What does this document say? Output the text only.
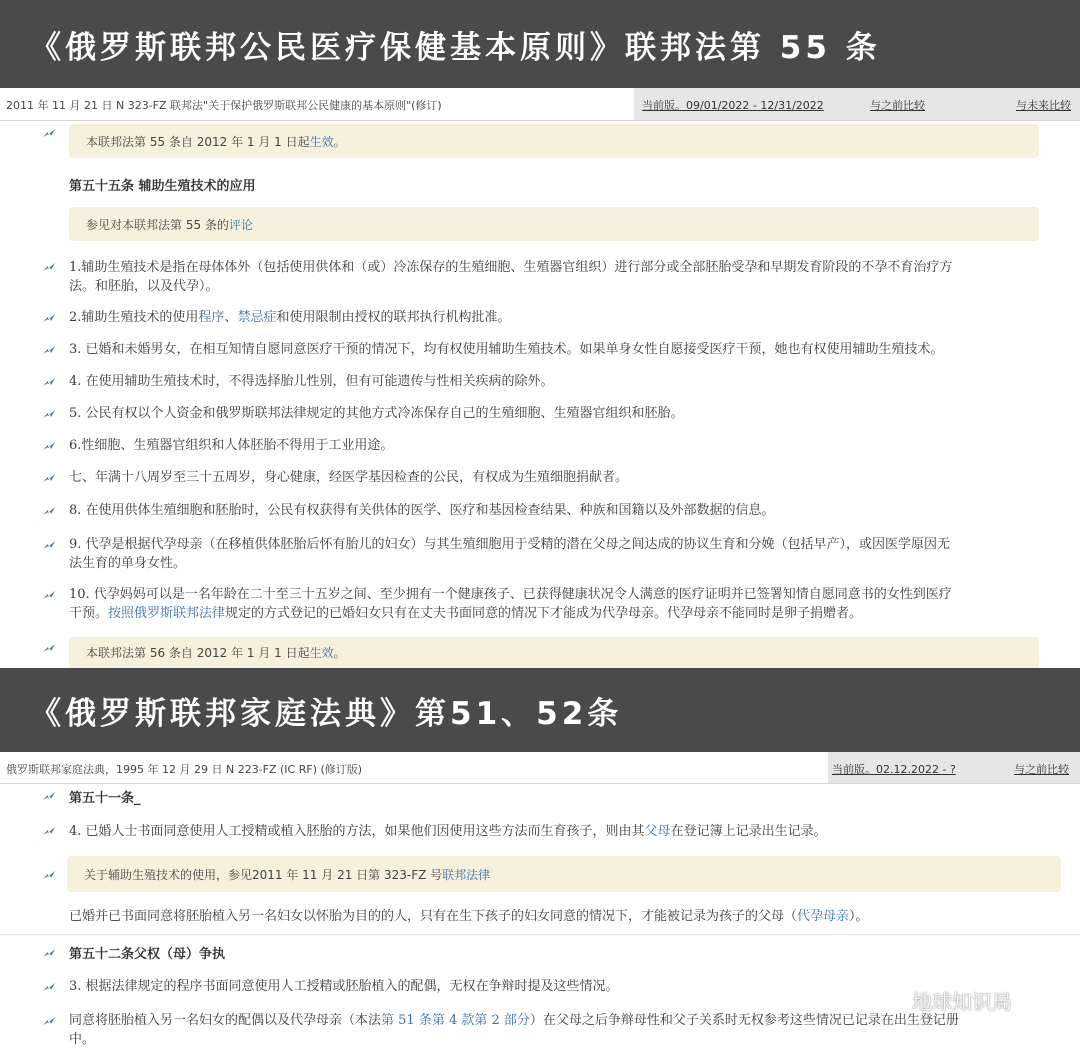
《俄罗斯联邦公民医疗保健基本原则》联邦法第 55 条
2011 年 11 月 21 日 N 323-FZ 联邦法"关于保护俄罗斯联邦公民健康的基本原则"(修订)	当前版。09/01/2022 - 12/31/2022	与之前比较	与未来比较
本联邦法第 55 条自 2012 年 1 月 1 日起 生效 。
第五十五条 辅助生殖技术的应用
参见对本联邦法第 55 条的 评论
1.辅助生殖技术是指在母体体外（包括使用供体和（或）冷冻保存的生殖细胞、生殖器官组织）进行部分或全部胚胎受孕和早期发育阶段的不孕不育治疗方
法。和胚胎，以及代孕）。
2.辅助生殖技术的使用程序、禁忌症和使用限制由授权的联邦执行机构批准。
3. 已婚和未婚男女，在相互知情自愿同意医疗干预的情况下，均有权使用辅助生殖技术。如果单身女性自愿接受医疗干预，她也有权使用辅助生殖技术。
4. 在使用辅助生殖技术时，不得选择胎儿性别，但有可能遗传与性相关疾病的除外。
5. 公民有权以个人资金和俄罗斯联邦法律规定的其他方式冷冻保存自己的生殖细胞、生殖器官组织和胚胎。
6.性细胞、生殖器官组织和人体胚胎不得用于工业用途。
七、年满十八周岁至三十五周岁，身心健康，经医学基因检查的公民，有权成为生殖细胞捐献者。
8. 在使用供体生殖细胞和胚胎时，公民有权获得有关供体的医学、医疗和基因检查结果、种族和国籍以及外部数据的信息。
9. 代孕是根据代孕母亲（在移植供体胚胎后怀有胎儿的妇女）与其生殖细胞用于受精的潜在父母之间达成的协议生育和分娩（包括早产），或因医学原因无
法生育的单身女性。
10. 代孕妈妈可以是一名年龄在二十至三十五岁之间、至少拥有一个健康孩子、已获得健康状况令人满意的医疗证明并已签署知情自愿同意书的女性到医疗
干预。按照俄罗斯联邦法律规定的方式登记的已婚妇女只有在丈夫书面同意的情况下才能成为代孕母亲。代孕母亲不能同时是卵子捐赠者。
本联邦法第 56 条自 2012 年 1 月 1 日起 生效 。
《俄罗斯联邦家庭法典》第51、52条
俄罗斯联邦家庭法典，1995 年 12 月 29 日 N 223-FZ (IC RF) (修订版)	当前版。02.12.2022 - ?	与之前比较
第五十一条_
4. 已婚人士书面同意使用人工授精或植入胚胎的方法，如果他们因使用这些方法而生育孩子，则由其父母在登记簿上记录出生记录。
关于辅助生殖技术的使用，参见2011 年 11 月 21 日第 323-FZ 号 联邦法律
已婚并已书面同意将胚胎植入另一名妇女以怀胎为目的的人，只有在生下孩子的妇女同意的情况下，才能被记录为孩子的父母（代孕母亲）。
第五十二条父权（母）争执
3. 根据法律规定的程序书面同意使用人工授精或胚胎植入的配偶，无权在争辩时提及这些情况。
同意将胚胎植入另一名妇女的配偶以及代孕母亲（本法第 51 条第 4 款第 2 部分）在父母之后争辩母性和父子关系时无权参考这些情况已记录在出生登记册
中。
地球知识局
